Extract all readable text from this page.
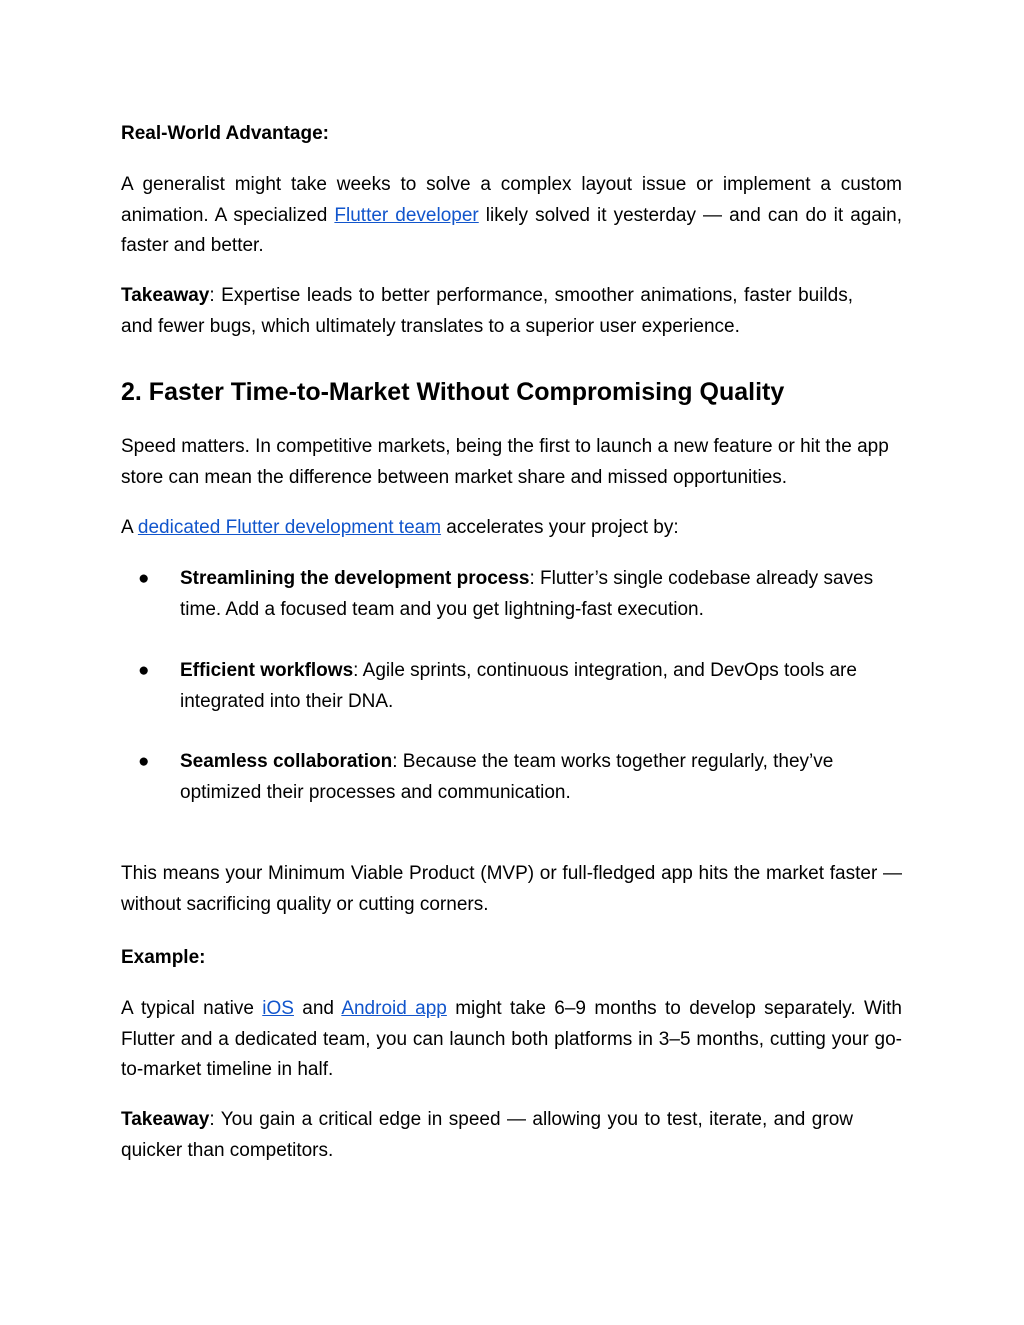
Real-World Advantage:

A generalist might take weeks to solve a complex layout issue or implement a custom animation. A specialized Flutter developer likely solved it yesterday — and can do it again, faster and better.

Takeaway: Expertise leads to better performance, smoother animations, faster builds, and fewer bugs, which ultimately translates to a superior user experience.

2. Faster Time-to-Market Without Compromising Quality

Speed matters. In competitive markets, being the first to launch a new feature or hit the app store can mean the difference between market share and missed opportunities.

A dedicated Flutter development team accelerates your project by:

● Streamlining the development process: Flutter’s single codebase already saves time. Add a focused team and you get lightning-fast execution.
● Efficient workflows: Agile sprints, continuous integration, and DevOps tools are integrated into their DNA.
● Seamless collaboration: Because the team works together regularly, they’ve optimized their processes and communication.

This means your Minimum Viable Product (MVP) or full-fledged app hits the market faster — without sacrificing quality or cutting corners.

Example:

A typical native iOS and Android app might take 6–9 months to develop separately. With Flutter and a dedicated team, you can launch both platforms in 3–5 months, cutting your go-to-market timeline in half.

Takeaway: You gain a critical edge in speed — allowing you to test, iterate, and grow quicker than competitors.
